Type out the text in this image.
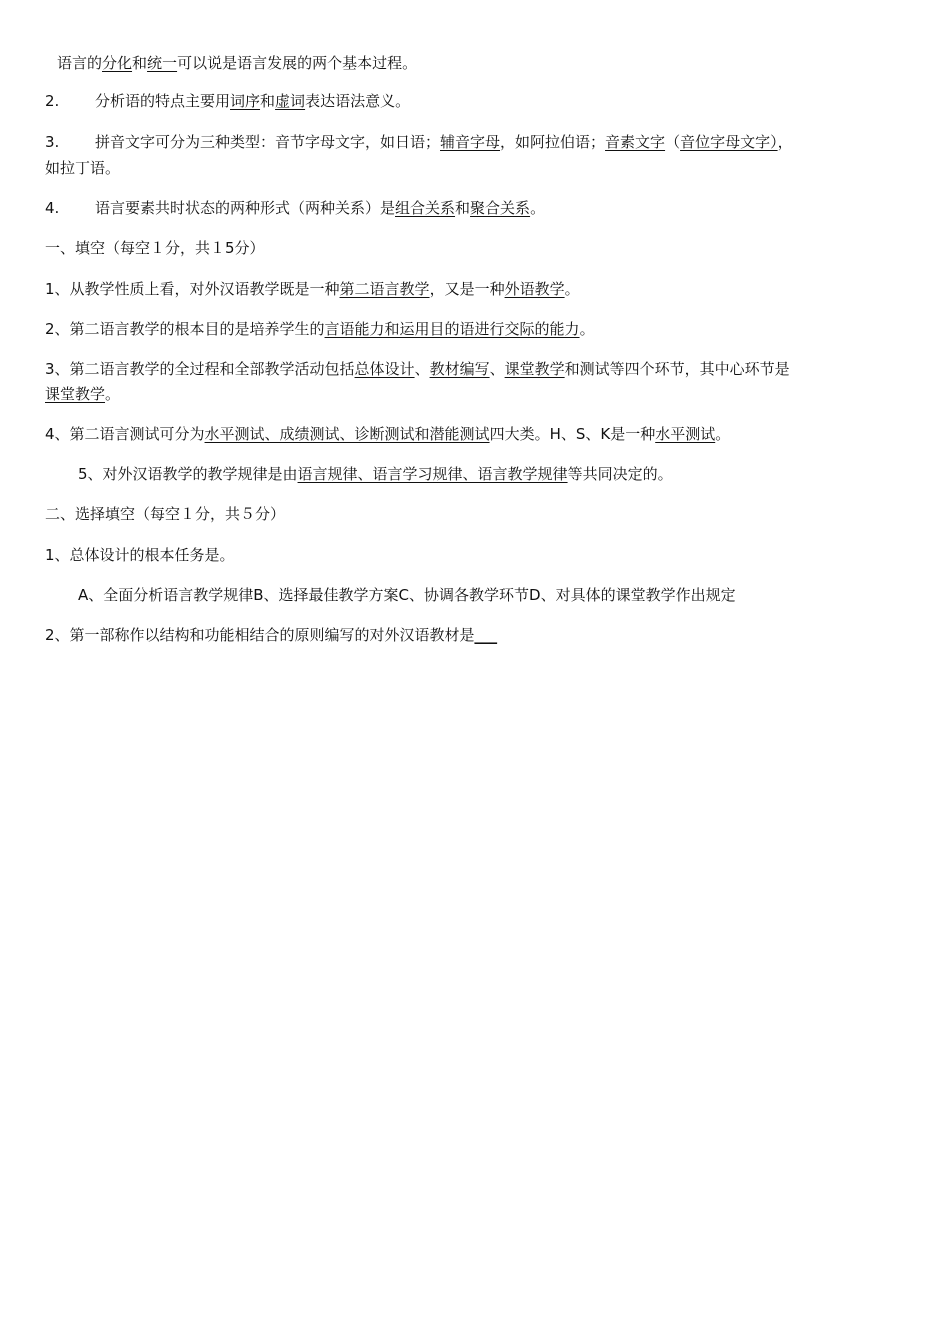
语言的分化和统一可以说是语言发展的两个基本过程。
2. 分析语的特点主要用词序和虚词表达语法意义。
3. 拼音文字可分为三种类型：音节字母文字，如日语；辅音字母，如阿拉伯语；音素文字（音位字母文字），
如拉丁语。
4. 语言要素共时状态的两种形式（两种关系）是组合关系和聚合关系。
一、填空（每空１分，共１5分）
1、从教学性质上看，对外汉语教学既是一种第二语言教学，又是一种外语教学。
2、第二语言教学的根本目的是培养学生的言语能力和运用目的语进行交际的能力。
3、第二语言教学的全过程和全部教学活动包括总体设计、教材编写、课堂教学和测试等四个环节，其中心环节是
课堂教学。
4、第二语言测试可分为水平测试、成绩测试、诊断测试和潜能测试四大类。H、S、K是一种水平测试。
5、对外汉语教学的教学规律是由语言规律、语言学习规律、语言教学规律等共同决定的。
二、选择填空（每空１分，共５分）
1、总体设计的根本任务是。
A、全面分析语言教学规律B、选择最佳教学方案C、协调各教学环节D、对具体的课堂教学作出规定
2、第一部称作以结构和功能相结合的原则编写的对外汉语教材是___
